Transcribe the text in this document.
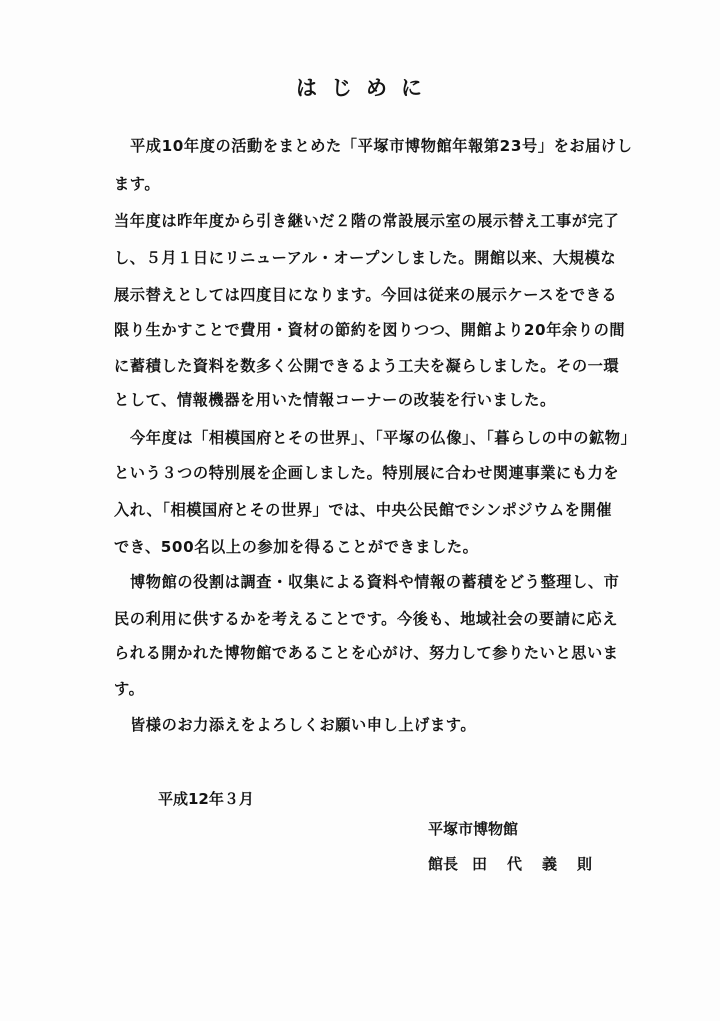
はじめに
平成10年度の活動をまとめた「平塚市博物館年報第23号」をお届けし
ます。
当年度は昨年度から引き継いだ２階の常設展示室の展示替え工事が完了
し、５月１日にリニューアル・オープンしました。開館以来、大規模な
展示替えとしては四度目になります。今回は従来の展示ケースをできる
限り生かすことで費用・資材の節約を図りつつ、開館より20年余りの間
に蓄積した資料を数多く公開できるよう工夫を凝らしました。その一環
として、情報機器を用いた情報コーナーの改装を行いました。
今年度は「相模国府とその世界」、「平塚の仏像」、「暮らしの中の鉱物」
という３つの特別展を企画しました。特別展に合わせ関連事業にも力を
入れ、「相模国府とその世界」では、中央公民館でシンポジウムを開催
でき、500名以上の参加を得ることができました。
博物館の役割は調査・収集による資料や情報の蓄積をどう整理し、市
民の利用に供するかを考えることです。今後も、地域社会の要請に応え
られる開かれた博物館であることを心がけ、努力して参りたいと思いま
す。
皆様のお力添えをよろしくお願い申し上げます。
平成12年３月
平塚市博物館
館長 田代義則
